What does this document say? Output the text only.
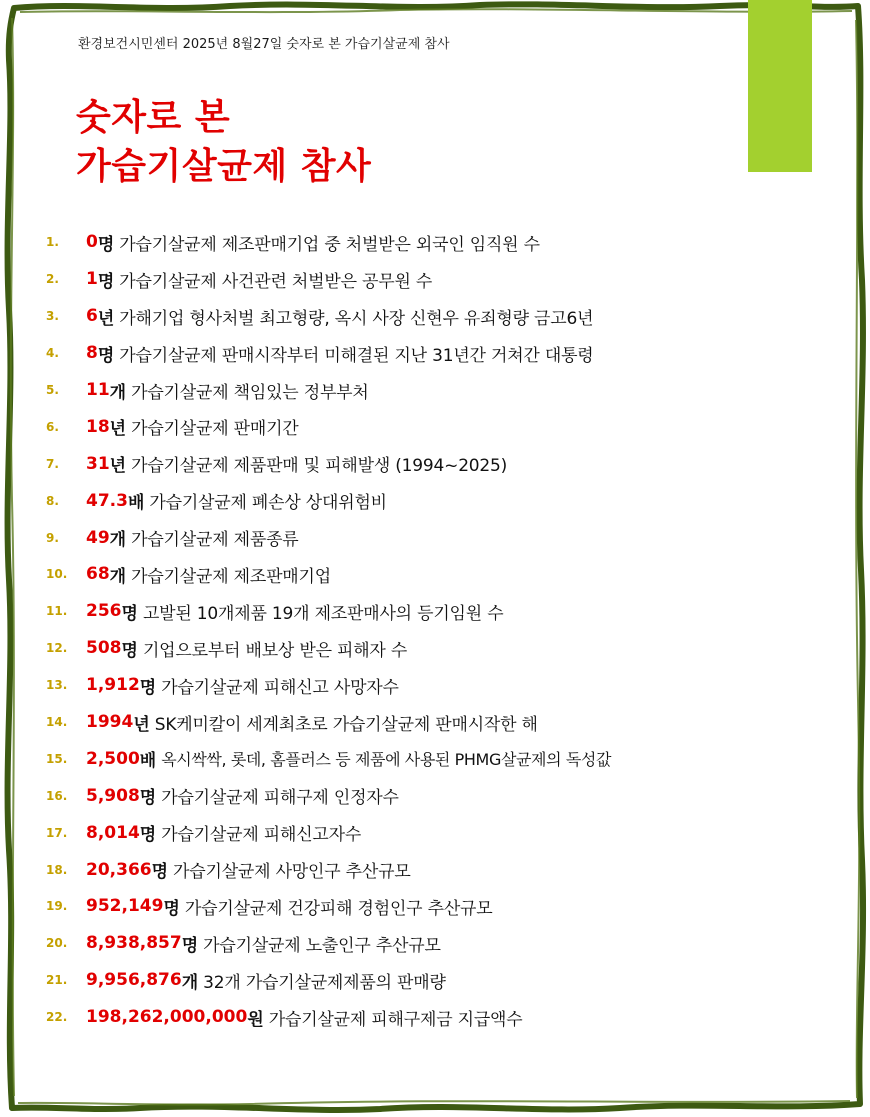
환경보건시민센터 2025년 8월27일 숫자로 본 가습기살균제 참사
숫자로 본
가습기살균제 참사
1.	0 명 가습기살균제 제조판매기업 중 처벌받은 외국인 임직원 수
2.	1 명 가습기살균제 사건관련 처벌받은 공무원 수
3.	6 년 가해기업 형사처벌 최고형량, 옥시 사장 신현우 유죄형량 금고6년
4.	8 명 가습기살균제 판매시작부터 미해결된 지난 31년간 거쳐간 대통령
5.	11 개 가습기살균제 책임있는 정부부처
6.	18 년 가습기살균제 판매기간
7.	31 년 가습기살균제 제품판매 및 피해발생 (1994~2025)
8.	47.3 배 가습기살균제 폐손상 상대위험비
9.	49 개 가습기살균제 제품종류
10.	68 개 가습기살균제 제조판매기업
11.	256 명 고발된 10개제품 19개 제조판매사의 등기임원 수
12.	508 명 기업으로부터 배보상 받은 피해자 수
13.	1,912 명 가습기살균제 피해신고 사망자수
14.	1994 년 SK케미칼이 세계최초로 가습기살균제 판매시작한 해
15.	2,500 배 옥시싹싹, 롯데, 홈플러스 등 제품에 사용된 PHMG살균제의 독성값
16.	5,908 명 가습기살균제 피해구제 인정자수
17.	8,014 명 가습기살균제 피해신고자수
18.	20,366 명 가습기살균제 사망인구 추산규모
19.	952,149 명 가습기살균제 건강피해 경험인구 추산규모
20.	8,938,857 명 가습기살균제 노출인구 추산규모
21.	9,956,876 개 32개 가습기살균제제품의 판매량
22.	198,262,000,000 원 가습기살균제 피해구제금 지급액수
